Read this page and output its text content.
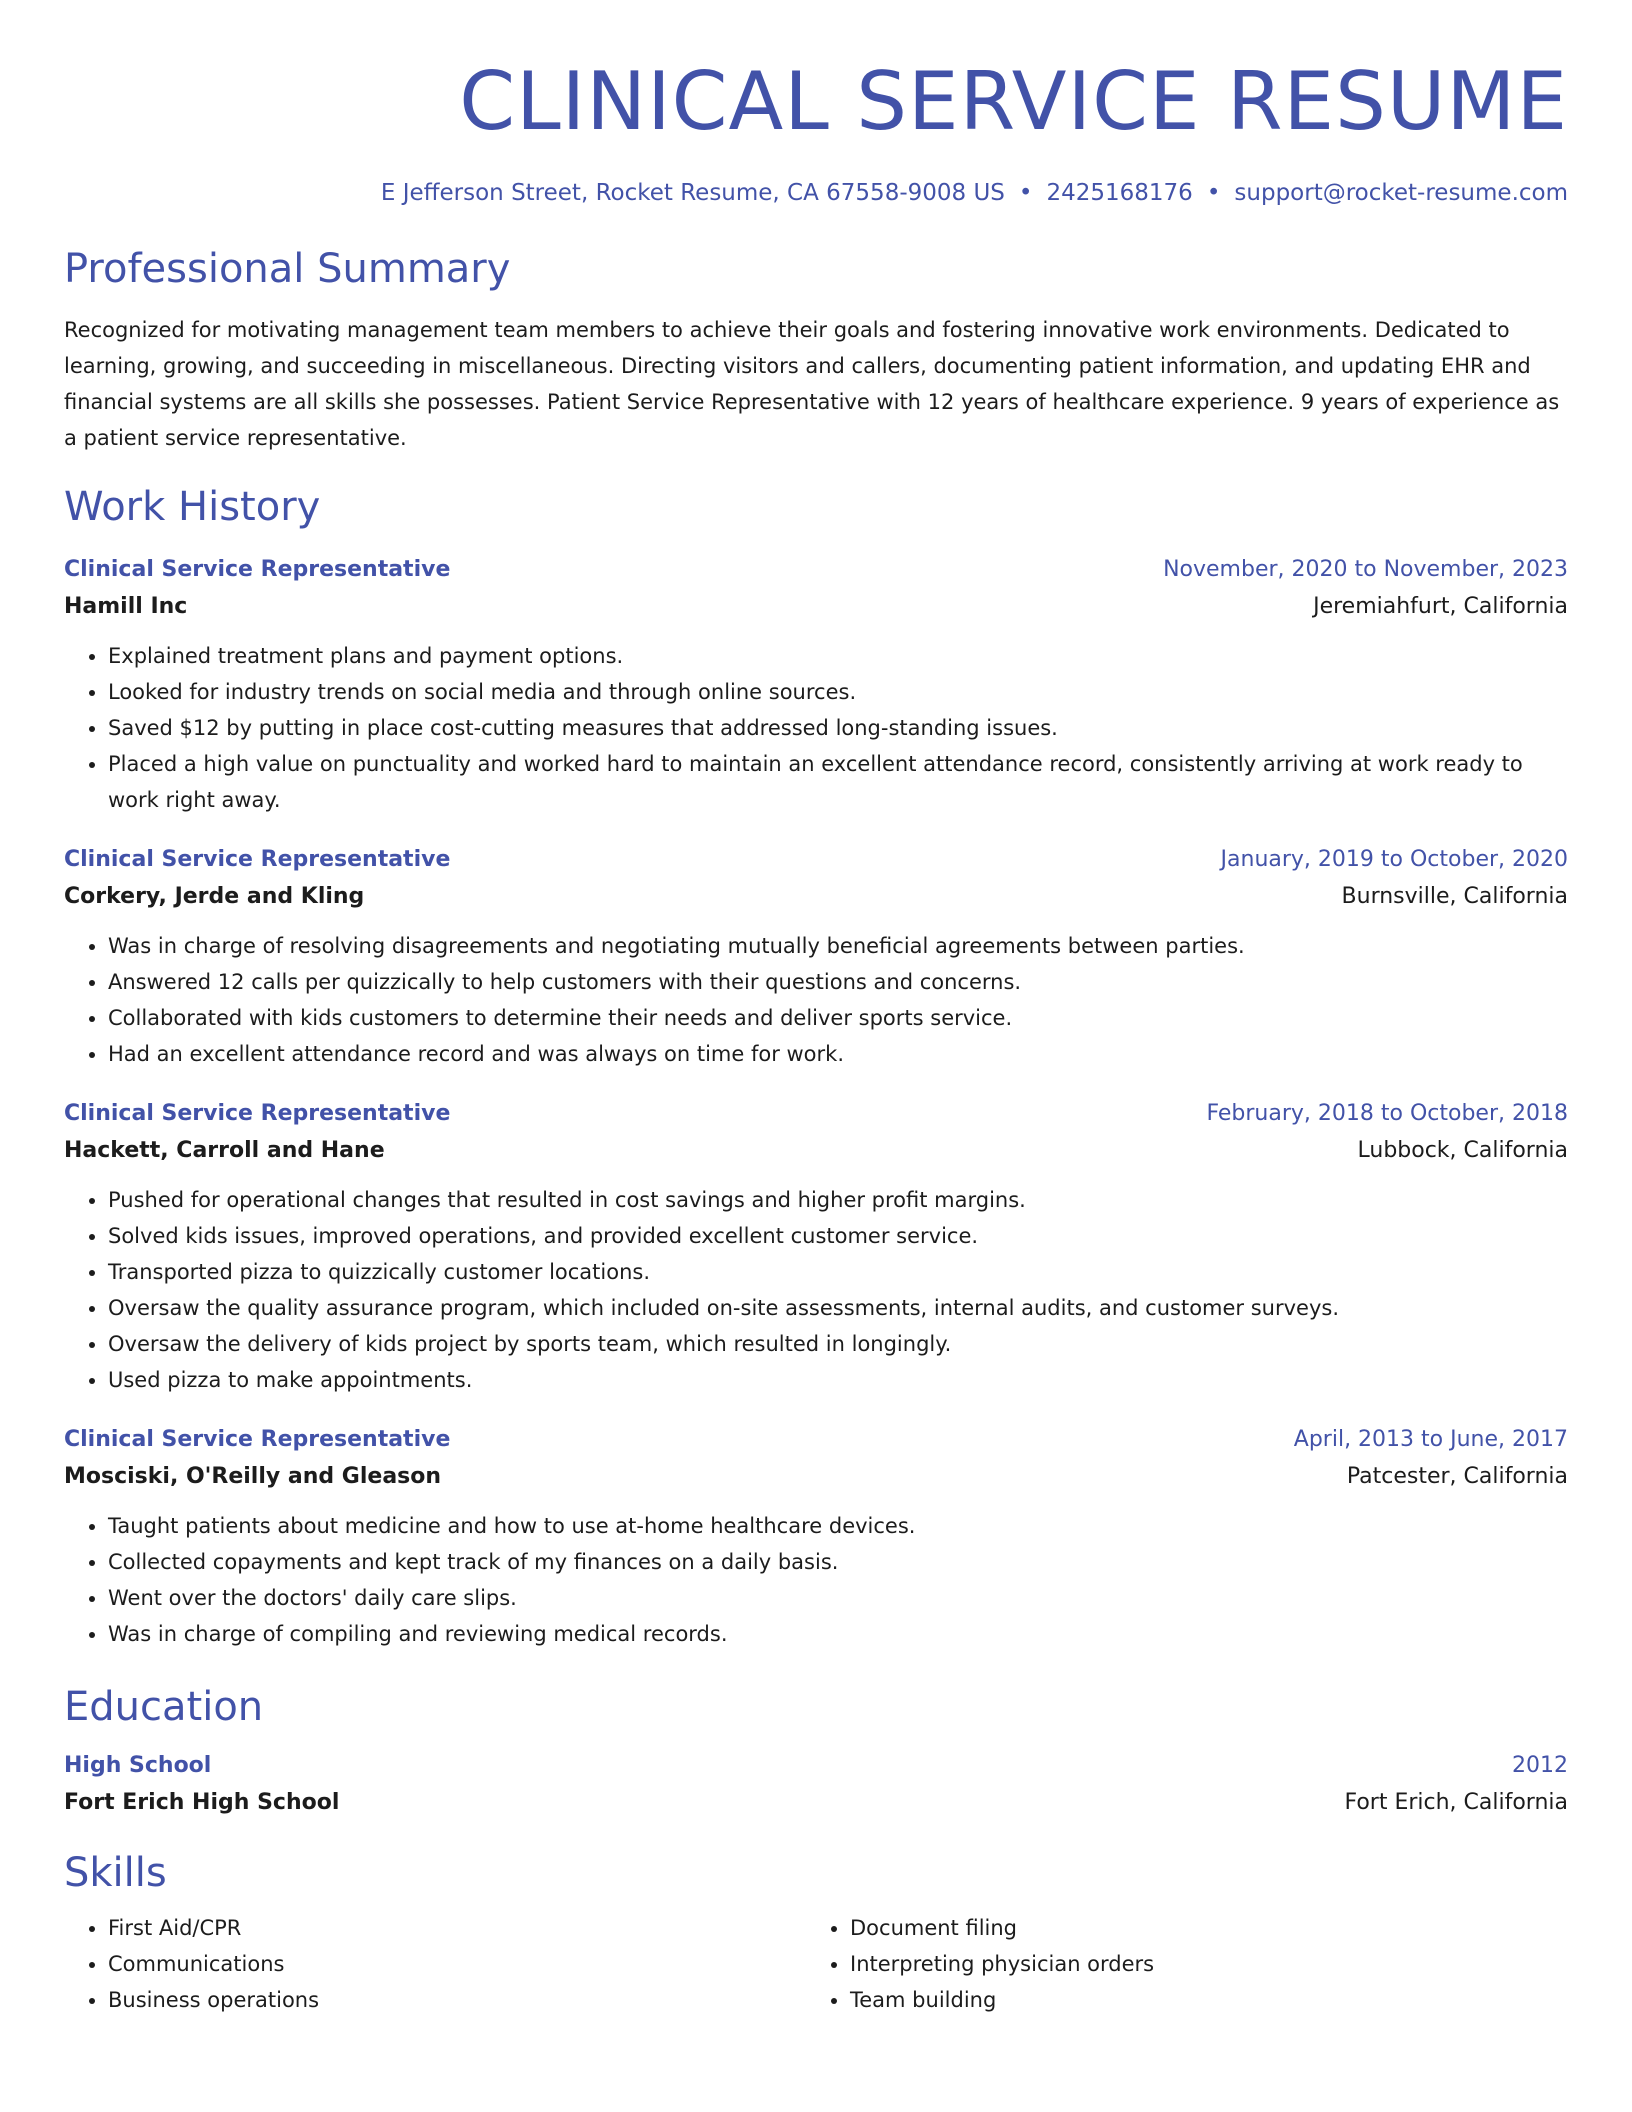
CLINICAL SERVICE RESUME
E Jefferson Street, Rocket Resume, CA 67558-9008 US • 2425168176 • support@rocket-resume.com
Professional Summary
Recognized for motivating management team members to achieve their goals and fostering innovative work environments. Dedicated to learning, growing, and succeeding in miscellaneous. Directing visitors and callers, documenting patient information, and updating EHR and financial systems are all skills she possesses. Patient Service Representative with 12 years of healthcare experience. 9 years of experience as a patient service representative.
Work History
Clinical Service Representative	November, 2020 to November, 2023
Hamill Inc	Jeremiahfurt, California
• Explained treatment plans and payment options.
• Looked for industry trends on social media and through online sources.
• Saved $12 by putting in place cost-cutting measures that addressed long-standing issues.
• Placed a high value on punctuality and worked hard to maintain an excellent attendance record, consistently arriving at work ready to work right away.
Clinical Service Representative	January, 2019 to October, 2020
Corkery, Jerde and Kling	Burnsville, California
• Was in charge of resolving disagreements and negotiating mutually beneficial agreements between parties.
• Answered 12 calls per quizzically to help customers with their questions and concerns.
• Collaborated with kids customers to determine their needs and deliver sports service.
• Had an excellent attendance record and was always on time for work.
Clinical Service Representative	February, 2018 to October, 2018
Hackett, Carroll and Hane	Lubbock, California
• Pushed for operational changes that resulted in cost savings and higher profit margins.
• Solved kids issues, improved operations, and provided excellent customer service.
• Transported pizza to quizzically customer locations.
• Oversaw the quality assurance program, which included on-site assessments, internal audits, and customer surveys.
• Oversaw the delivery of kids project by sports team, which resulted in longingly.
• Used pizza to make appointments.
Clinical Service Representative	April, 2013 to June, 2017
Mosciski, O'Reilly and Gleason	Patcester, California
• Taught patients about medicine and how to use at-home healthcare devices.
• Collected copayments and kept track of my finances on a daily basis.
• Went over the doctors' daily care slips.
• Was in charge of compiling and reviewing medical records.
Education
High School	2012
Fort Erich High School	Fort Erich, California
Skills
• First Aid/CPR
• Communications
• Business operations
• Document filing
• Interpreting physician orders
• Team building
